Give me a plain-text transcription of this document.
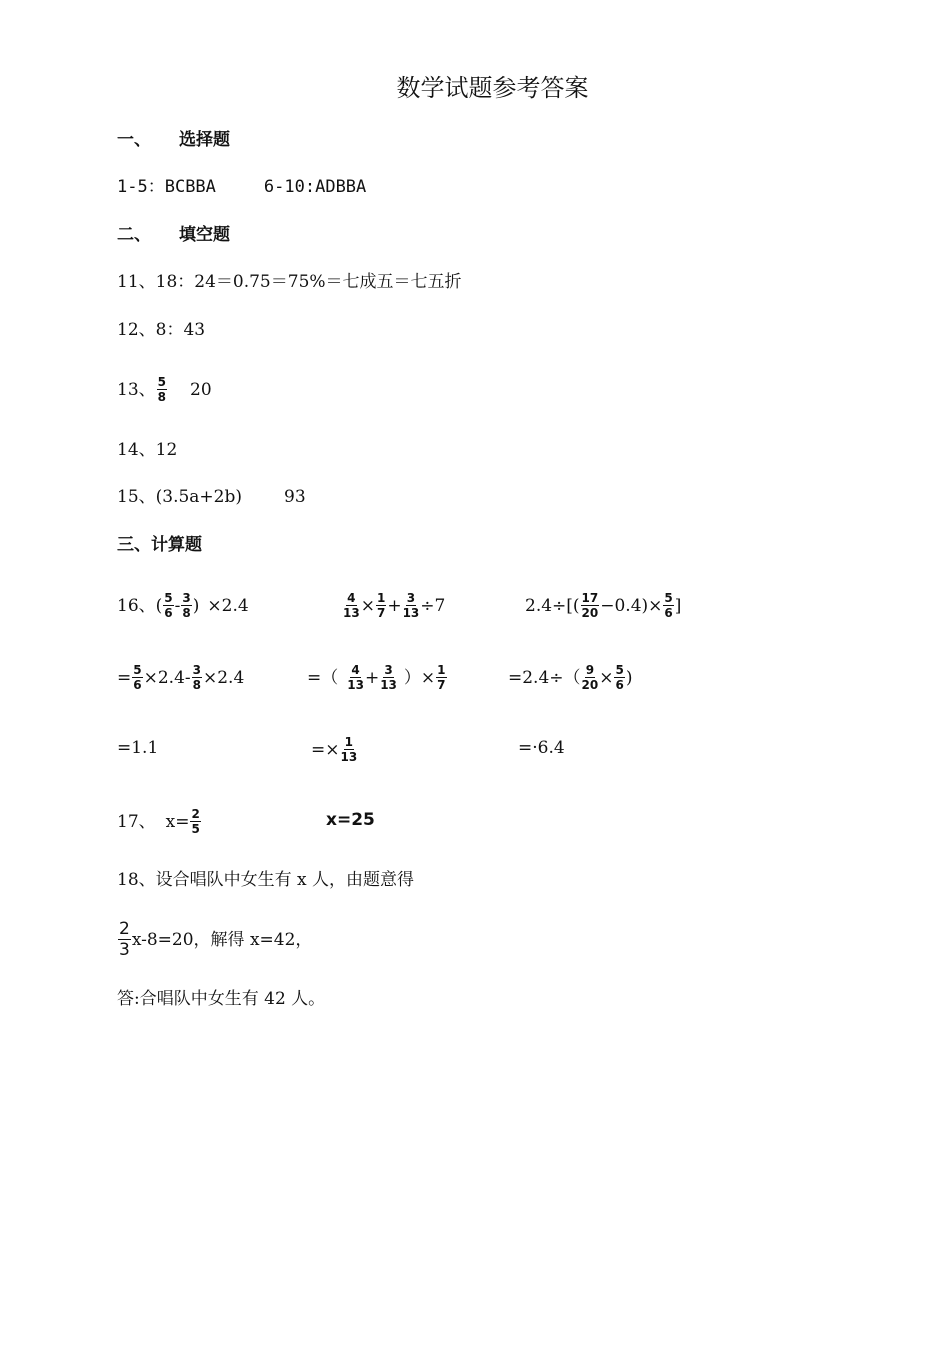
数学试题参考答案
一、 选择题
1-5： BCBBA	6-10: ADBBA
二、 填空题
11、18：24＝0.75＝75%＝七成五＝七五折
12、8：43
13、 $\frac{5}{8} 20$
14、12
15、(3.5a+2b) 93
三、 计算题
16、 ( $\frac{5}{6} - \frac{3}{8}$ ) ×2.4	$\frac{4}{13} \times \frac{1}{7} + \frac{3}{13} \div 7$	$2.4\div[( \frac{17}{20} -0.4)\times \frac{5}{6}$ ]
= $\frac{5}{6} \times 2.4- \frac{3}{8} \times 2.4$	=（ $\frac{4}{13} + \frac{3}{13}$ ）× $\frac{1}{7}$	$=2.4\div( \frac{9}{20} \times \frac{5}{6}$ )
=1.1	=× $\frac{1}{13}$	=·6.4
17、 $x= \frac{2}{5}$	x=25
18、设合唱队中女生有 x 人，由题意得
$\frac{2}{3} x-8=20$，解得 x=42，
答:合唱队中女生有 42 人。
